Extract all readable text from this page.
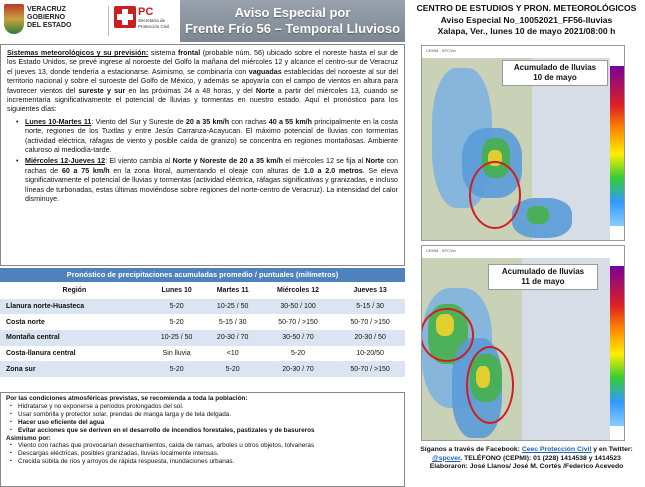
VERACRUZ
GOBIERNO
DEL ESTADO
PC
Secretaría de Protección Civil
Aviso Especial por
Frente Frío 56 – Temporal Lluvioso
CENTRO DE ESTUDIOS Y PRON. METEOROLÓGICOS
Aviso Especial No_10052021_FF56-lluvias
Xalapa, Ver., lunes 10 de mayo 2021/08:00 h

Sistemas meteorológicos y su previsión: sistema frontal (probable núm. 56) ubicado sobre el noreste hasta el sur de los Estado Unidos, se prevé ingrese al noroeste del Golfo la mañana del miércoles 12 y alcance el centro-sur de Veracruz el jueves 13, donde tendería a estacionarse. Asimismo, se combinaría con vaguadas establecidas del noroeste al sur del territorio nacional y sobre el suroeste del Golfo de México, y además se apoyaría con el campo de vientos en altura para favorecer vientos del sureste y sur en las próximas 24 a 48 horas, y del Norte a partir del miércoles 13, cuando se incrementaría significativamente el potencial de lluvias y tormentas en nuestro estado. Aquí el pronóstico para los siguientes días:

• Lunes 10-Martes 11: Viento del Sur y Sureste de 20 a 35 km/h con rachas 40 a 55 km/h principalmente en la costa norte, regiones de los Tuxtlas y entre Jesús Carranza-Acayucan. El máximo potencial de lluvias con tormentas (actividad eléctrica, ráfagas de viento y posible caída de granizo) se concentra en regiones montañosas. Ambiente caluroso al mediodía-tarde.
• Miércoles 12-Jueves 12: El viento cambia al Norte y Noreste de 20 a 35 km/h el miércoles 12 se fija al Norte con rachas de 60 a 75 km/h en la zona litoral, aumentando el oleaje con alturas de 1.0 a 2.0 metros. Se eleva significativamente el potencial de lluvias y tormentas (actividad eléctrica, ráfagas significativas y granizadas, e incluso líneas de turbonadas, estas últimas moviéndose sobre regiones del norte-centro de Veracruz). La intensidad del calor disminuye.
Pronóstico de precipitaciones acumuladas promedio / puntuales (milímetros)
Región	Lunes 10	Martes 11	Miércoles 12	Jueves 13
Llanura norte-Huasteca	5-20	10-25 / 50	30-50 / 100	5-15 / 30
Costa norte	5-20	5-15 / 30	50-70 / >150	50-70 / >150
Montaña central	10-25 / 50	20-30 / 70	30-50 / 70	20-30 / 50
Costa-llanura central	Sin lluvia	<10	5-20	10-20/50
Zona sur	5-20	5-20	20-30 / 70	50-70 / >150
Por las condiciones atmosféricas previstas, se recomienda a toda la población:
▪ Hidratarse y no exponerse a periodos prolongados del sol.
▪ Usar sombrilla y protector solar, prendas de manga larga y de tela delgada.
▪ Hacer uso eficiente del agua
▪ Evitar acciones que se deriven en el desarrollo de incendios forestales, pastizales y de basureros
Asimismo por:
▪ Viento con rachas que provocarían desechamientos, caída de ramas, arboles u otros objetos, tolvaneras
▪ Descargas eléctricas, posibles granizadas, lluvias localmente intensas.
▪ Crecida súbita de ríos y arroyos de rápida respuesta, inundaciones urbanas.
CEMM - SPCVer
Acumulado de lluvias
10 de mayo
CEMM - SPCVer
Acumulado de lluvias
11 de mayo
Síganos a través de Facebook: Ceec Protección Civil y en Twitter:
@spcver. TELÉFONO (CEPMI): 01 (228) 1414538 y 1414523
Elaboraron: José Llanos/ José M. Cortés /Federico Acevedo
